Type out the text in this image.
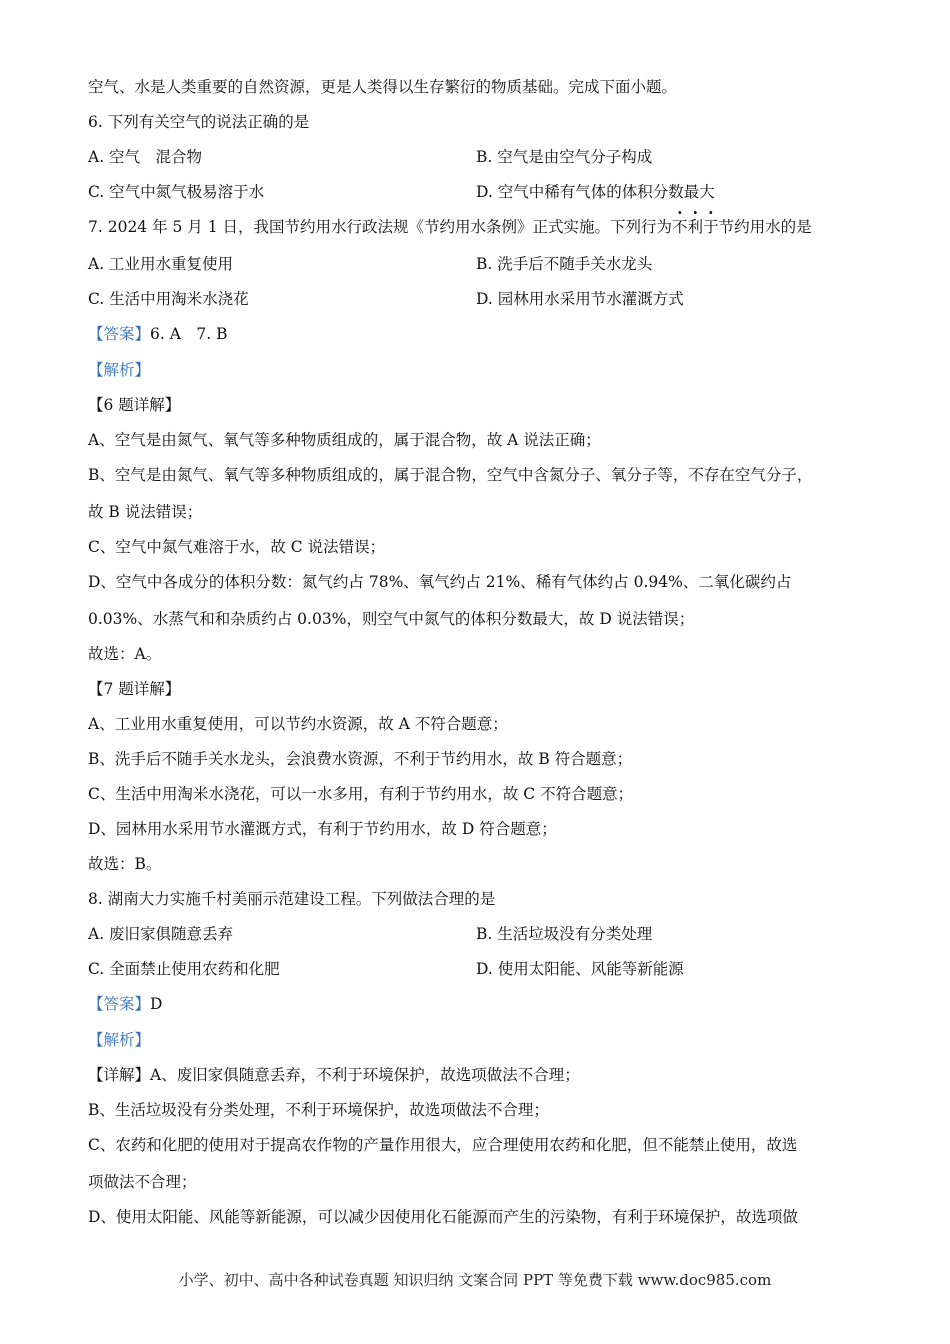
空气、水是人类重要的自然资源，更是人类得以生存繁衍的物质基础。完成下面小题。
6. 下列有关空气的说法正确的是
A. 空气　混合物	B. 空气是由空气分子构成
C. 空气中氮气极易溶于水	D. 空气中稀有气体的体积分数最大
7. 2024 年 5 月 1 日，我国节约用水行政法规《节约用水条例》正式实施。下列行为不利于节约用水的是
A. 工业用水重复使用	B. 洗手后不随手关水龙头
C. 生活中用淘米水浇花	D. 园林用水采用节水灌溉方式
【答案】6. A　7. B
【解析】
【6 题详解】
A、空气是由氮气、氧气等多种物质组成的，属于混合物，故 A 说法正确；
B、空气是由氮气、氧气等多种物质组成的，属于混合物，空气中含氮分子、氧分子等，不存在空气分子，
故 B 说法错误；
C、空气中氮气难溶于水，故 C 说法错误；
D、空气中各成分的体积分数：氮气约占 78%、氧气约占 21%、稀有气体约占 0.94%、二氧化碳约占
0.03%、水蒸气和和杂质约占 0.03%，则空气中氮气的体积分数最大，故 D 说法错误；
故选：A。
【7 题详解】
A、工业用水重复使用，可以节约水资源，故 A 不符合题意；
B、洗手后不随手关水龙头，会浪费水资源，不利于节约用水，故 B 符合题意；
C、生活中用淘米水浇花，可以一水多用，有利于节约用水，故 C 不符合题意；
D、园林用水采用节水灌溉方式，有利于节约用水，故 D 符合题意；
故选：B。
8. 湖南大力实施千村美丽示范建设工程。下列做法合理的是
A. 废旧家俱随意丢弃	B. 生活垃圾没有分类处理
C. 全面禁止使用农药和化肥	D. 使用太阳能、风能等新能源
【答案】D
【解析】
【详解】A、废旧家俱随意丢弃，不利于环境保护，故选项做法不合理；
B、生活垃圾没有分类处理，不利于环境保护，故选项做法不合理；
C、农药和化肥的使用对于提高农作物的产量作用很大，应合理使用农药和化肥，但不能禁止使用，故选
项做法不合理；
D、使用太阳能、风能等新能源，可以减少因使用化石能源而产生的污染物，有利于环境保护，故选项做
小学、初中、高中各种试卷真题 知识归纳 文案合同 PPT 等免费下载 www.doc985.com
